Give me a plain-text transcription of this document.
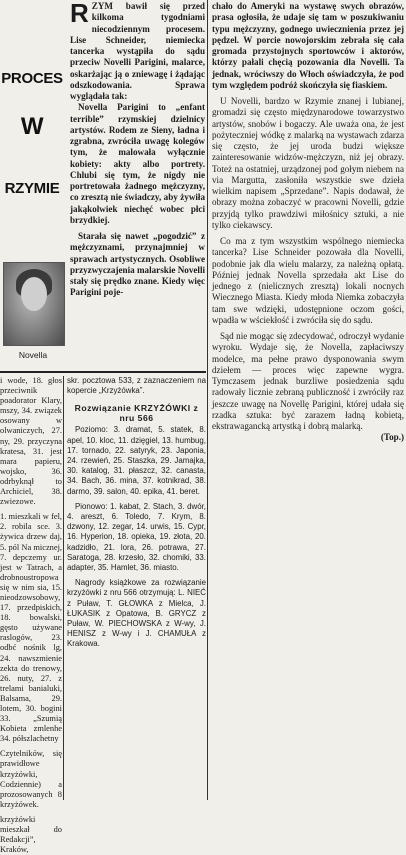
PROCES
W
RZYMIE
Novella

RZYM bawił się przed kilkoma tygodniami niecodziennym procesem. Lise Schneider, niemiecka tancerka wystąpiła do sądu przeciw Novelli Parigini, malarce, oskarżając ją o zniewagę i żądając odszkodowania. Sprawa wyglądała tak:

Novella Parigini to „enfant terrible” rzymskiej dzielnicy artystów. Rodem ze Sieny, ładna i zgrabna, zwróciła uwagę kolegów tym, że malowała wyłącznie kobiety: akty albo portrety. Chlubi się tym, że nigdy nie portretowała żadnego mężczyzny, co zresztą nie świadczy, aby żywiła jakąkolwiek niechęć wobec płci brzydkiej.

Starała się nawet „pogodzić” z mężczyznami, przynajmniej w sprawach artystycznych. Osobliwe przyzwyczajenia malarskie Novelli stały się prędko znane. Kiedy więc Parigini poje-

i wode, 18. głos przeciwnik poadorator Klary, mszy, 34. związek osowany w olwaniczych, 27. ny, 29. przyczyna kratesa, 31. jest mara papieru, wojsko, 36. odrbyknął to Archiciel, 38. zwiezowe.

1. mieszkali w fel, 2. robila sce. 3. żywica drzew daj, 5. pól Na micznej, 7. depczemy ur. jest w Tatrach, a drobnoustropowa się w nim sia, 15. nieodzowsobowy, 17. przedpiskich, 18. bowalski, gęsto używane raslogów, 23. odbć nośnik lg, 24. nawszmienie zekta do trenowy, 26. nuty, 27. z trelami banialuki, Balsama, 29. lotem, 30. bogini 33. „Szumią Kobieta zmlenhe 34. półszlachetny

Czytelników, się prawidłowe krzyżówki, Codziennie) a prozosowanych 8 krzyżówek.

krzyżówki mieszkał do Redakcji”, Kraków,

skr. pocztowa 533, z zaznaczeniem na kopercie „Krzyżówka”.

Rozwiązanie KRZYŻÓWKI z nru 566

Poziomo: 3. dramat, 5. statek, 8. apel, 10. kloc, 11. dzięgiel, 13. humbug, 17. tornado, 22. satyryk, 23. Japonia, 24. rzewień, 25. Staszka, 29. Jamajka, 30. katalog, 31. płaszcz, 32. canasta, 34. Bach, 36. mina, 37. kotnikrad, 38. darmo, 39. salon, 40. epika, 41. beret.

Pionowo: 1. kabat, 2. Stach, 3. dwór, 4. areszt, 6. Toledo, 7. Krym, 8. dzwony, 12. zegar, 14. urwis, 15. Cypr, 16. Hyperion, 18. opieka, 19. złota, 20. kadzidło, 21. lora, 26. potrawa, 27. Saratoga, 28. krzesło, 32. chomiki, 33. adapter, 35. Hamlet, 36. miasto.

Nagrody książkowe za rozwiązanie krzyżówki z nru 566 otrzymują: L. NIEĆ z Puław, T. GŁOWKA z Mielca, J. ŁUKASIK z Opatowa, B. GRYCZ z Puław, W. PIECHOWSKA z W-wy, J. HENISZ z W-wy i J. CHAMUŁA z Krakowa.

chało do Ameryki na wystawę swych obrazów, prasa ogłosiła, że udaje się tam w poszukiwaniu typu mężczyzny, godnego uwiecznienia przez jej pędzel. W porcie nowojorskim zebrała się cała gromada przystojnych sportowców i aktorów, którzy pałali chęcią pozowania dla Novelli. Ta jednak, wróciwszy do Włoch oświadczyła, że pod tym względem podróż skończyła się fiaskiem.

U Novelli, bardzo w Rzymie znanej i lubianej, gromadzi się często międzynarodowe towarzystwo artystów, snobów i bogaczy. Ale uważa ona, że jest pożyteczniej wódkę z malarką na wystawach zdarza się często, że jej uroda budzi większe zainteresowanie widzów-mężczyzn, niż jej obrazy. Toteż na ostatniej, urządzonej pod gołym niebem na via Margutta, zasłoniła wszystkie swe dzieła wielkim napisem „Sprzedane”. Napis dodawał, że obrazy można zobaczyć w pracowni Novelli, gdzie przyjdą tylko prawdziwi miłośnicy sztuki, a nie tylko ciekawscy.

Co ma z tym wszystkim wspólnego niemiecka tancerka? Lise Schneider pozowała dla Novelli, podobnie jak dla wielu malarzy, za należną opłatą. Później jednak Novella sprzedała akt Lise do jednego z (nielicznych zresztą) lokali nocnych Wiecznego Miasta. Kiedy młoda Niemka zobaczyła tam swe wdzięki, udostępnione oczom gości, wpadła w wściekłość i zwróciła się do sądu.

Sąd nie mogąc się zdecydować, odroczył wydanie wyroku. Wydaje się, że Novella, zapłaciwszy modelce, ma pełne prawo dysponowania swym dziełem — proces więc zapewne wygra. Tymczasem jednak burzliwe posiedzenia sądu radowały licznie zebraną publiczność i zwróciły raz jeszcze uwagę na Novellę Parigini, której udała się rzadka sztuka: być zarazem ładną kobietą, ekstrawagancką artystką i dobrą malarką.

(Top.)
